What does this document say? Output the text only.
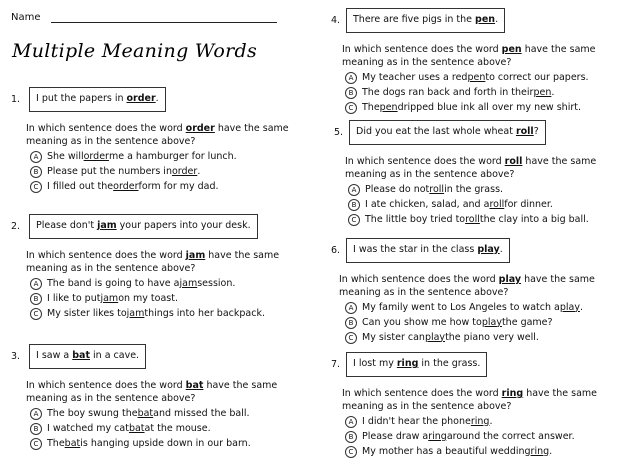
Name
Multiple Meaning Words
1.	I put the papers in order.
In which sentence does the word order have the same
meaning as in the sentence above?
A She will order me a hamburger for lunch.
B Please put the numbers in order .
C I filled out the order form for my dad.
2.	Please don't jam your papers into your desk.
In which sentence does the word jam have the same
meaning as in the sentence above?
A The band is going to have a jam session.
B I like to put jam on my toast.
C My sister likes to jam things into her backpack.
3.	I saw a bat in a cave.
In which sentence does the word bat have the same
meaning as in the sentence above?
A The boy swung the bat and missed the ball.
B I watched my cat bat at the mouse.
C The bat is hanging upside down in our barn.
4.	There are five pigs in the pen.
In which sentence does the word pen have the same
meaning as in the sentence above?
A My teacher uses a red pen to correct our papers.
B The dogs ran back and forth in their pen .
C The pen dripped blue ink all over my new shirt.
5.	Did you eat the last whole wheat roll?
In which sentence does the word roll have the same
meaning as in the sentence above?
A Please do not roll in the grass.
B I ate chicken, salad, and a roll for dinner.
C The little boy tried to roll the clay into a big ball.
6.	I was the star in the class play.
In which sentence does the word play have the same
meaning as in the sentence above?
A My family went to Los Angeles to watch a play .
B Can you show me how to play the game?
C My sister can play the piano very well.
7.	I lost my ring in the grass.
In which sentence does the word ring have the same
meaning as in the sentence above?
A I didn't hear the phone ring .
B Please draw a ring around the correct answer.
C My mother has a beautiful wedding ring .
